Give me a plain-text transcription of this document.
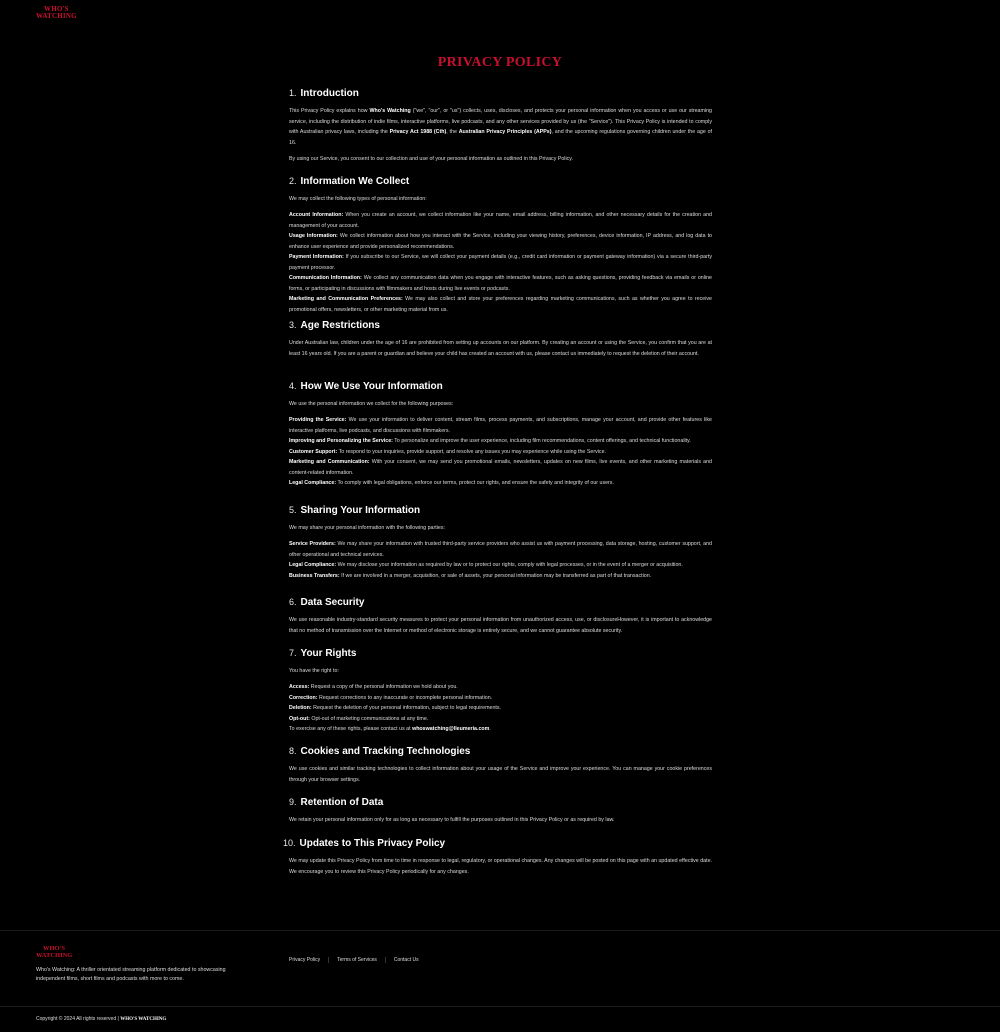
WHO'S
WATCHING
PRIVACY POLICY
1. Introduction

This Privacy Policy explains how Who's Watching ("we", "our", or "us") collects, uses, discloses, and protects your personal information when you access or use our streaming service, including the distribution of indie films, interactive platforms, live podcasts, and any other services provided by us (the "Service"). This Privacy Policy is intended to comply with Australian privacy laws, including the Privacy Act 1988 (Cth), the Australian Privacy Principles (APPs), and the upcoming regulations governing children under the age of 16.

By using our Service, you consent to our collection and use of your personal information as outlined in this Privacy Policy.

2. Information We Collect

We may collect the following types of personal information:

Account Information: When you create an account, we collect information like your name, email address, billing information, and other necessary details for the creation and management of your account.

Usage Information: We collect information about how you interact with the Service, including your viewing history, preferences, device information, IP address, and log data to enhance user experience and provide personalized recommendations.

Payment Information: If you subscribe to our Service, we will collect your payment details (e.g., credit card information or payment gateway information) via a secure third-party payment processor.

Communication Information: We collect any communication data when you engage with interactive features, such as asking questions, providing feedback via emails or online forms, or participating in discussions with filmmakers and hosts during live events or podcasts.

Marketing and Communication Preferences: We may also collect and store your preferences regarding marketing communications, such as whether you agree to receive promotional offers, newsletters, or other marketing material from us.

3. Age Restrictions

Under Australian law, children under the age of 16 are prohibited from setting up accounts on our platform. By creating an account or using the Service, you confirm that you are at least 16 years old. If you are a parent or guardian and believe your child has created an account with us, please contact us immediately to request the deletion of their account.

4. How We Use Your Information

We use the personal information we collect for the following purposes:

Providing the Service: We use your information to deliver content, stream films, process payments, and subscriptions, manage your account, and provide other features like interactive platforms, live podcasts, and discussions with filmmakers.

Improving and Personalizing the Service: To personalize and improve the user experience, including film recommendations, content offerings, and technical functionality.

Customer Support: To respond to your inquiries, provide support, and resolve any issues you may experience while using the Service.

Marketing and Communication: With your consent, we may send you promotional emails, newsletters, updates on new films, live events, and other marketing materials and content-related information.

Legal Compliance: To comply with legal obligations, enforce our terms, protect our rights, and ensure the safety and integrity of our users.

5. Sharing Your Information

We may share your personal information with the following parties:

Service Providers: We may share your information with trusted third-party service providers who assist us with payment processing, data storage, hosting, customer support, and other operational and technical services.

Legal Compliance: We may disclose your information as required by law or to protect our rights, comply with legal processes, or in the event of a merger or acquisition.

Business Transfers: If we are involved in a merger, acquisition, or sale of assets, your personal information may be transferred as part of that transaction.

6. Data Security

We use reasonable industry-standard security measures to protect your personal information from unauthorized access, use, or disclosureHowever, it is important to acknowledge that no method of transmission over the Internet or method of electronic storage is entirely secure, and we cannot guarantee absolute security.

7. Your Rights

You have the right to:

Access: Request a copy of the personal information we hold about you.

Correction: Request corrections to any inaccurate or incomplete personal information.

Deletion: Request the deletion of your personal information, subject to legal requirements.

Opt-out: Opt-out of marketing communications at any time.

To exercise any of these rights, please contact us at whoswatching@lleumeria.com.

8. Cookies and Tracking Technologies

We use cookies and similar tracking technologies to collect information about your usage of the Service and improve your experience. You can manage your cookie preferences through your browser settings.

9. Retention of Data

We retain your personal information only for as long as necessary to fulfill the purposes outlined in this Privacy Policy or as required by law.

10. Updates to This Privacy Policy

We may update this Privacy Policy from time to time in response to legal, regulatory, or operational changes. Any changes will be posted on this page with an updated effective date. We encourage you to review this Privacy Policy periodically for any changes.

WHO'S
WATCHING

Who's Watching: A thriller orientated streaming platform dedicated to showcasing independent films, short films and podcasts with more to come.

Privacy Policy	Terms of Services	Contact Us

Copyright © 2024 All rights reserved | WHO'S WATCHING
